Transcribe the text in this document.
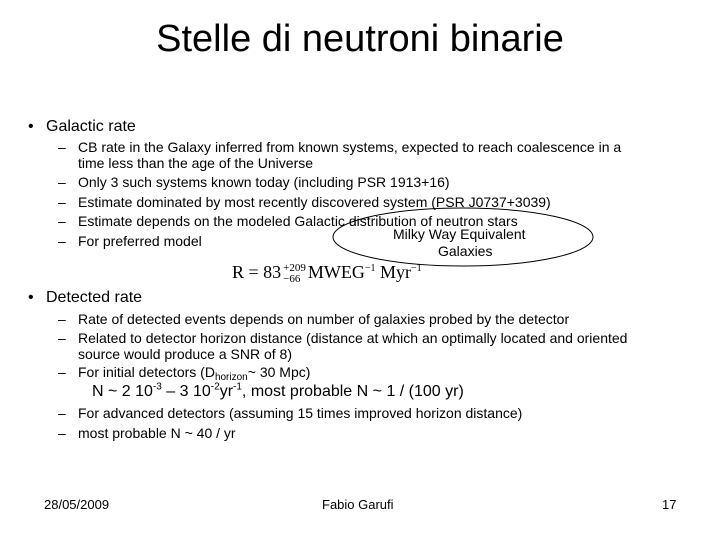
Stelle di neutroni binarie
• Galactic rate
– CB rate in the Galaxy inferred from known systems, expected to reach coalescence in a
time less than the age of the Universe
– Only 3 such systems known today (including PSR 1913+16)
– Estimate dominated by most recently discovered system (PSR J0737+3039)
– Estimate depends on the modeled Galactic distribution of neutron stars
– For preferred model	Milky Way Equivalent
Galaxies
R = 83 +209
−66 $MWEG^{-1}$ Myr$^{-1}$
• Detected rate
– Rate of detected events depends on number of galaxies probed by the detector
– Related to detector horizon distance (distance at which an optimally located and oriented
source would produce a SNR of 8)
– For initial detectors ($D_{horizon}\sim$ 30 Mpc)
N ~ 2 $10^{-3} - 3$ $10^{-2}yr^{-1}$, most probable N ~ 1 / (100 yr)
– For advanced detectors (assuming 15 times improved horizon distance)
– most probable N ~ 40 / yr
28/05/2009	Fabio Garufi	17
